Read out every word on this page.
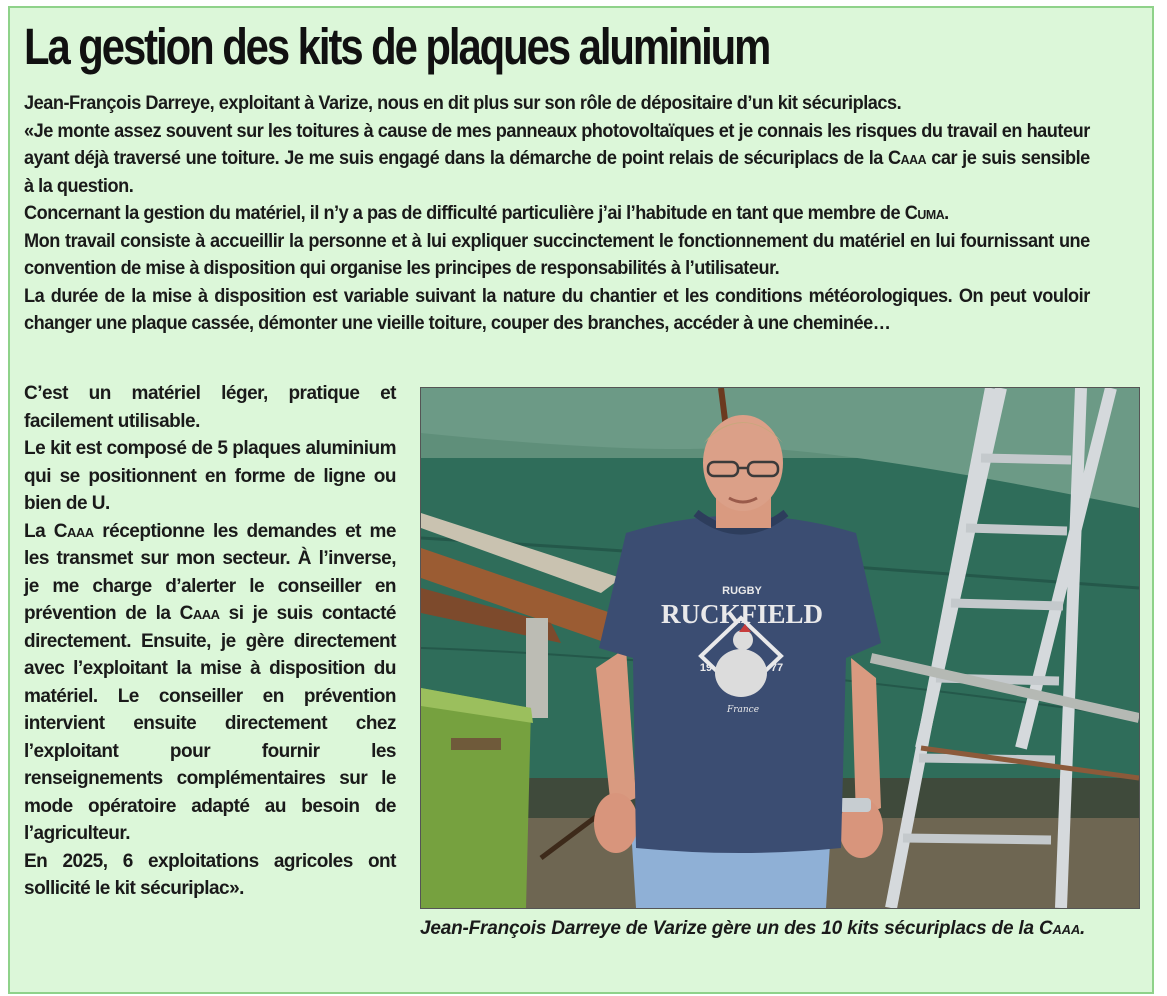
La gestion des kits de plaques aluminium

Jean-François Darreye, exploitant à Varize, nous en dit plus sur son rôle de dépositaire d’un kit sécuriplacs.

«Je monte assez souvent sur les toitures à cause de mes panneaux photovoltaïques et je connais les risques du travail en hauteur ayant déjà traversé une toiture. Je me suis engagé dans la démarche de point relais de sécuriplacs de la Caaa car je suis sensible à la question.

Concernant la gestion du matériel, il n’y a pas de difficulté particulière j’ai l’habitude en tant que membre de Cuma.

Mon travail consiste à accueillir la personne et à lui expliquer succinctement le fonctionnement du matériel en lui fournissant une convention de mise à disposition qui organise les principes de responsabilités à l’utilisateur.

La durée de la mise à disposition est variable suivant la nature du chantier et les conditions météorologiques. On peut vouloir changer une plaque cassée, démonter une vieille toiture, couper des branches, accéder à une cheminée…

C’est un matériel léger, pratique et facilement utilisable.

Le kit est composé de 5 plaques aluminium qui se positionnent en forme de ligne ou bien de U.

La Caaa réceptionne les demandes et me les transmet sur mon secteur. À l’inverse, je me charge d’alerter le conseiller en prévention de la Caaa si je suis contacté directement. Ensuite, je gère directement avec l’exploitant la mise à disposition du matériel. Le conseiller en prévention intervient ensuite directement chez l’exploitant pour fournir les renseignements complémentaires sur le mode opératoire adapté au besoin de l’agriculteur.

En 2025, 6 exploitations agricoles ont sollicité le kit sécuriplac».

RUGBY
RUCKFIELD
19	77
France
Jean-François Darreye de Varize gère un des 10 kits sécuriplacs de la Caaa.
